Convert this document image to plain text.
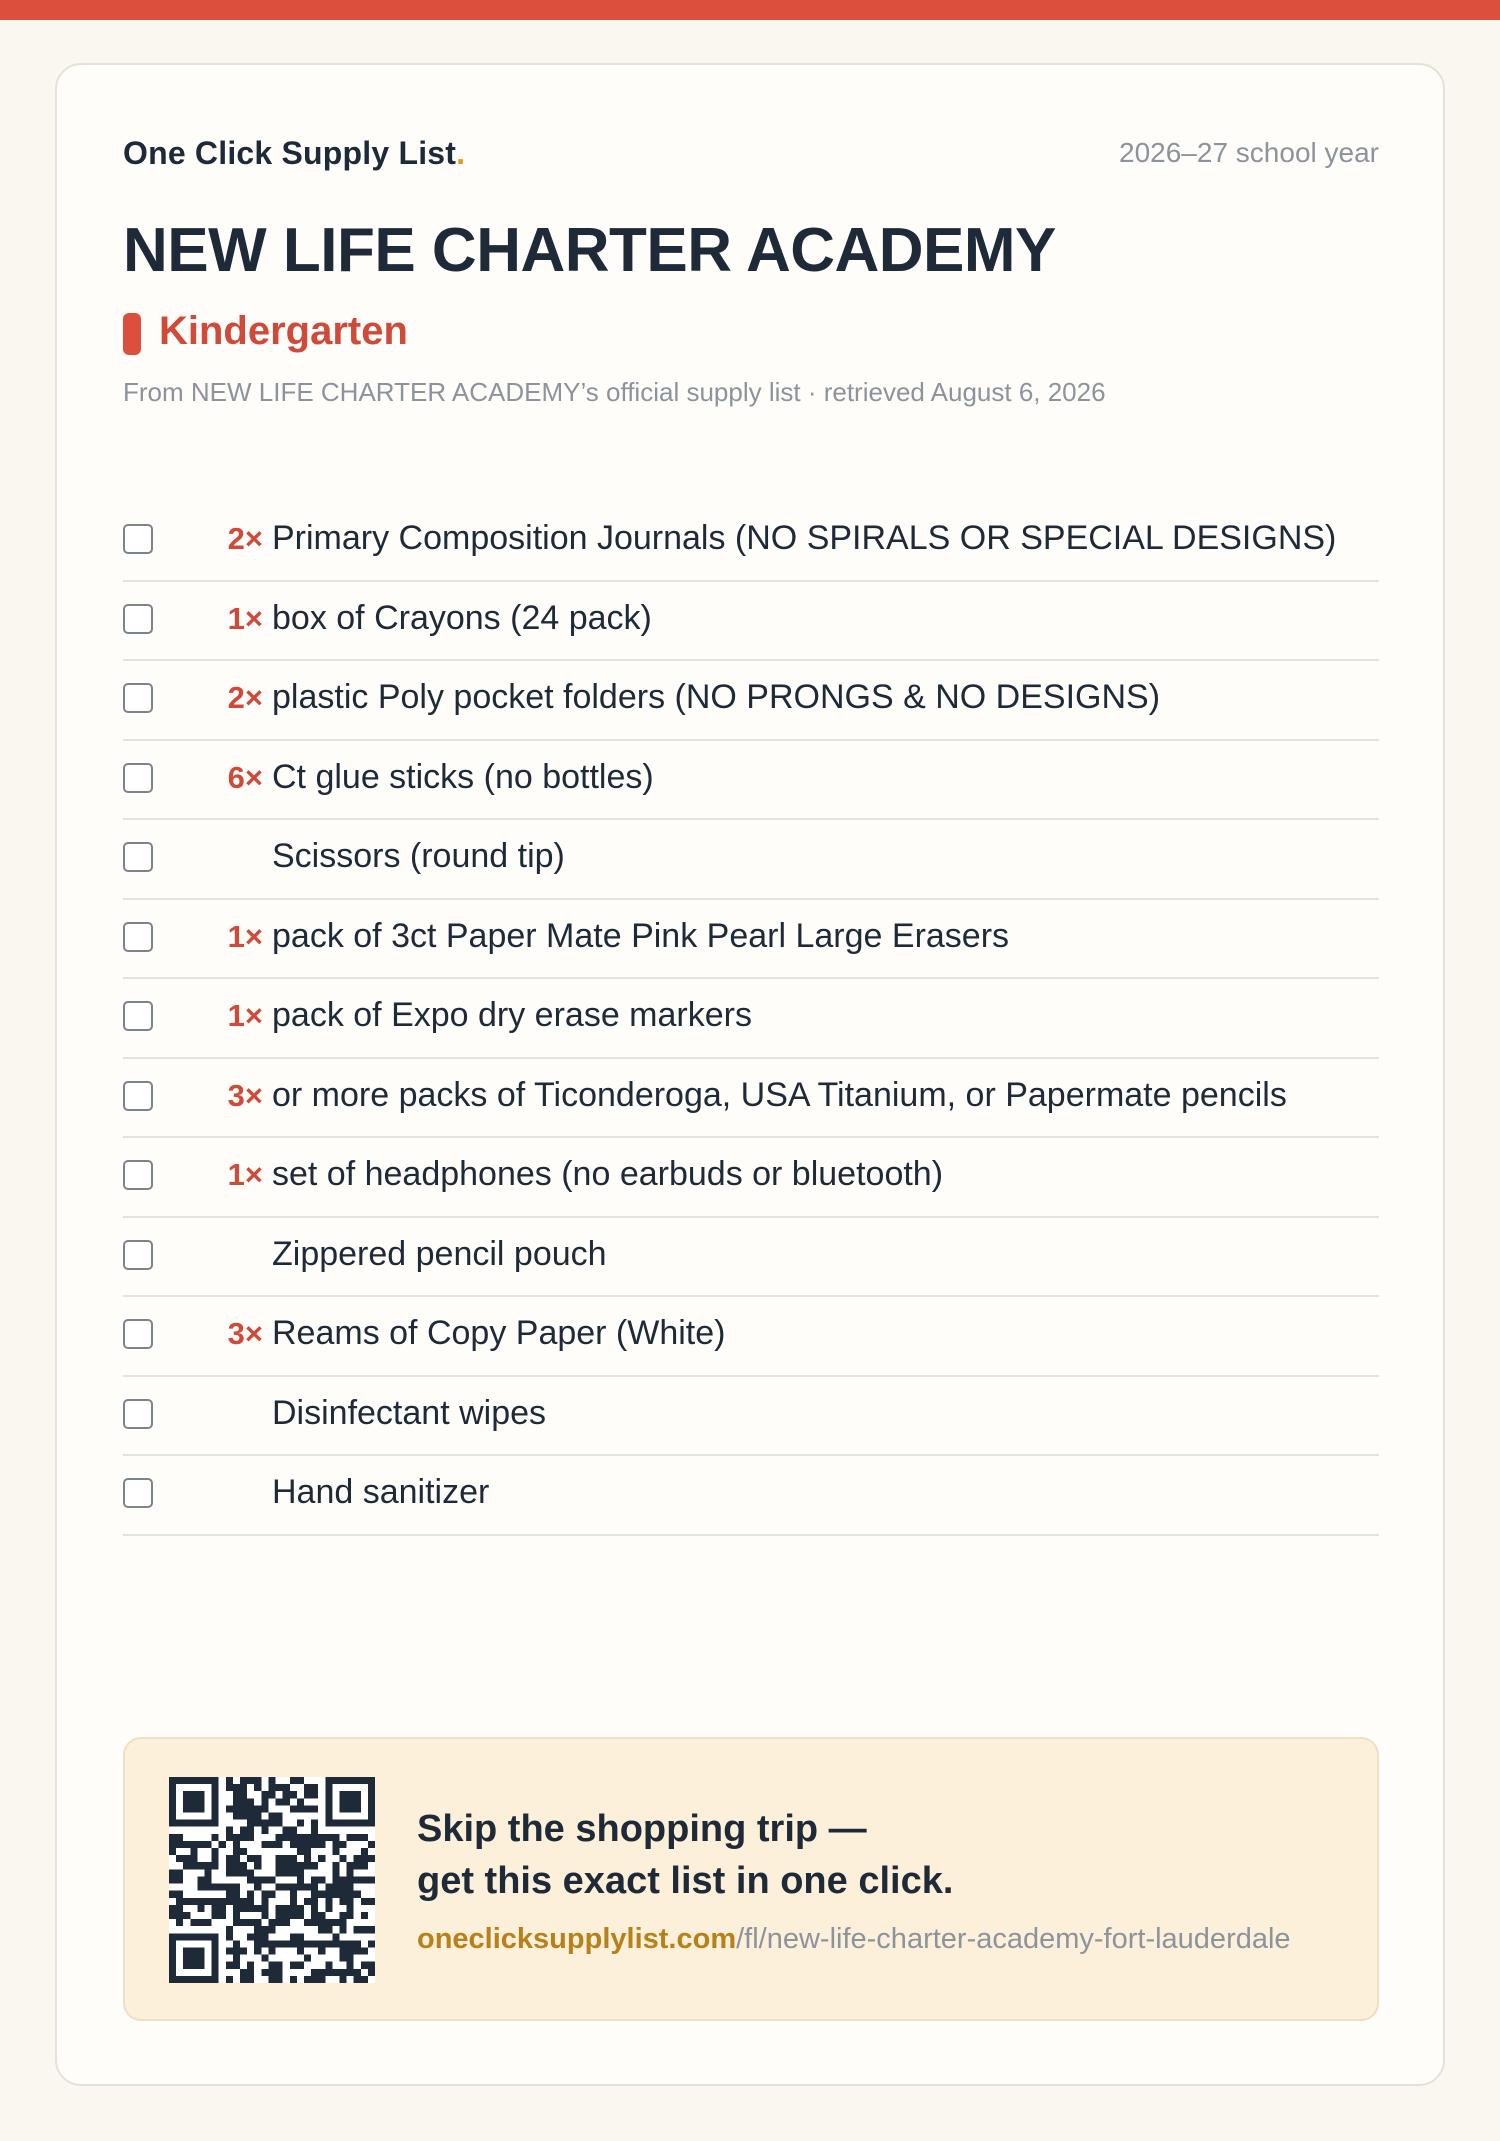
One Click Supply List.	2026–27 school year
NEW LIFE CHARTER ACADEMY
Kindergarten
From NEW LIFE CHARTER ACADEMY’s official supply list · retrieved August 6, 2026
2× Primary Composition Journals (NO SPIRALS OR SPECIAL DESIGNS)
1× box of Crayons (24 pack)
2× plastic Poly pocket folders (NO PRONGS & NO DESIGNS)
6× Ct glue sticks (no bottles)
Scissors (round tip)
1× pack of 3ct Paper Mate Pink Pearl Large Erasers
1× pack of Expo dry erase markers
3× or more packs of Ticonderoga, USA Titanium, or Papermate pencils
1× set of headphones (no earbuds or bluetooth)
Zippered pencil pouch
3× Reams of Copy Paper (White)
Disinfectant wipes
Hand sanitizer
Skip the shopping trip —
get this exact list in one click.
oneclicksupplylist.com/fl/new-life-charter-academy-fort-lauderdale
